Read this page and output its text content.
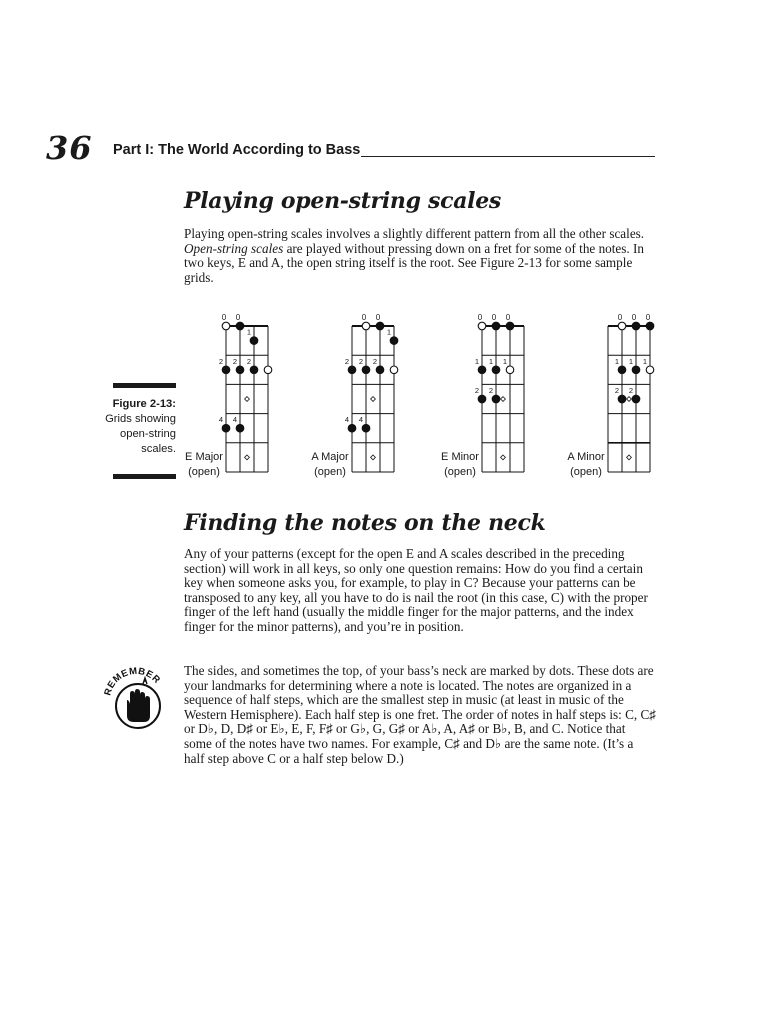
36 Part I: The World According to Bass
Playing open-string scales

Playing open-string scales involves a slightly different pattern from all the other scales. Open-string scales are played without pressing down on a fret for some of the notes. In two keys, E and A, the open string itself is the root. See Figure 2-13 for some sample grids.

Figure 2-13:
Grids showing open-string scales.
0 0
1
2 2 2
4 4
E Major
(open)
0 0
1
2 2 2
4 4
A Major
(open)
0 0 0
1 1 1
2 2
E Minor
(open)
0 0 0
1 1 1
2 2
A Minor
(open)
Finding the notes on the neck

Any of your patterns (except for the open E and A scales described in the preceding section) will work in all keys, so only one question remains: How do you find a certain key when someone asks you, for example, to play in C? Because your patterns can be transposed to any key, all you have to do is nail the root (in this case, C) with the proper finger of the left hand (usually the middle finger for the major patterns, and the index finger for the minor patterns), and you’re in position.

REMEMBER

The sides, and sometimes the top, of your bass’s neck are marked by dots. These dots are your landmarks for determining where a note is located. The notes are organized in a sequence of half steps, which are the smallest step in music (at least in music of the Western Hemisphere). Each half step is one fret. The order of notes in half steps is: C, C♯ or D♭, D, D♯ or E♭, E, F, F♯ or G♭, G, G♯ or A♭, A, A♯ or B♭, B, and C. Notice that some of the notes have two names. For example, C♯ and D♭ are the same note. (It’s a half step above C or a half step below D.)
